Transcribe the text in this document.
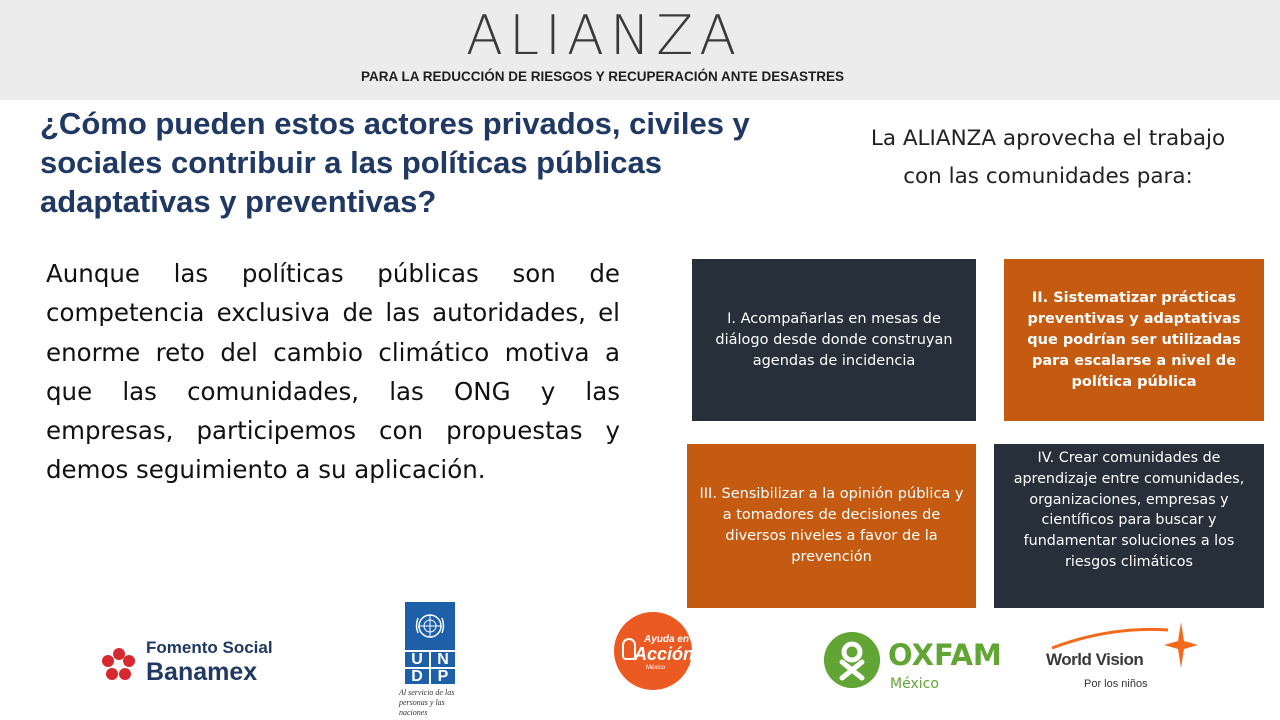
ALIANZA
PARA LA REDUCCIÓN DE RIESGOS Y RECUPERACIÓN ANTE DESASTRES
¿Cómo pueden estos actores privados, civiles y sociales contribuir a las políticas públicas adaptativas y preventivas?
Aunque las políticas públicas son de competencia exclusiva de las autoridades, el enorme reto del cambio climático motiva a que las comunidades, las ONG y las empresas, participemos con propuestas y demos seguimiento a su aplicación.
La ALIANZA aprovecha el trabajo con las comunidades para:
I. Acompañarlas en mesas de diálogo desde donde construyan agendas de incidencia
II. Sistematizar prácticas preventivas y adaptativas que podrían ser utilizadas para escalarse a nivel de política pública
III. Sensibilizar a la opinión pública y a tomadores de decisiones de diversos niveles a favor de la prevención
IV. Crear comunidades de aprendizaje entre comunidades, organizaciones, empresas y científicos para buscar y fundamentar soluciones a los riesgos climáticos
Fomento Social
Banamex	U N
D P
Al servicio de las personas y las naciones
Ayuda en
Acción
México	OXFAM
México
World Vision
Por los niños
